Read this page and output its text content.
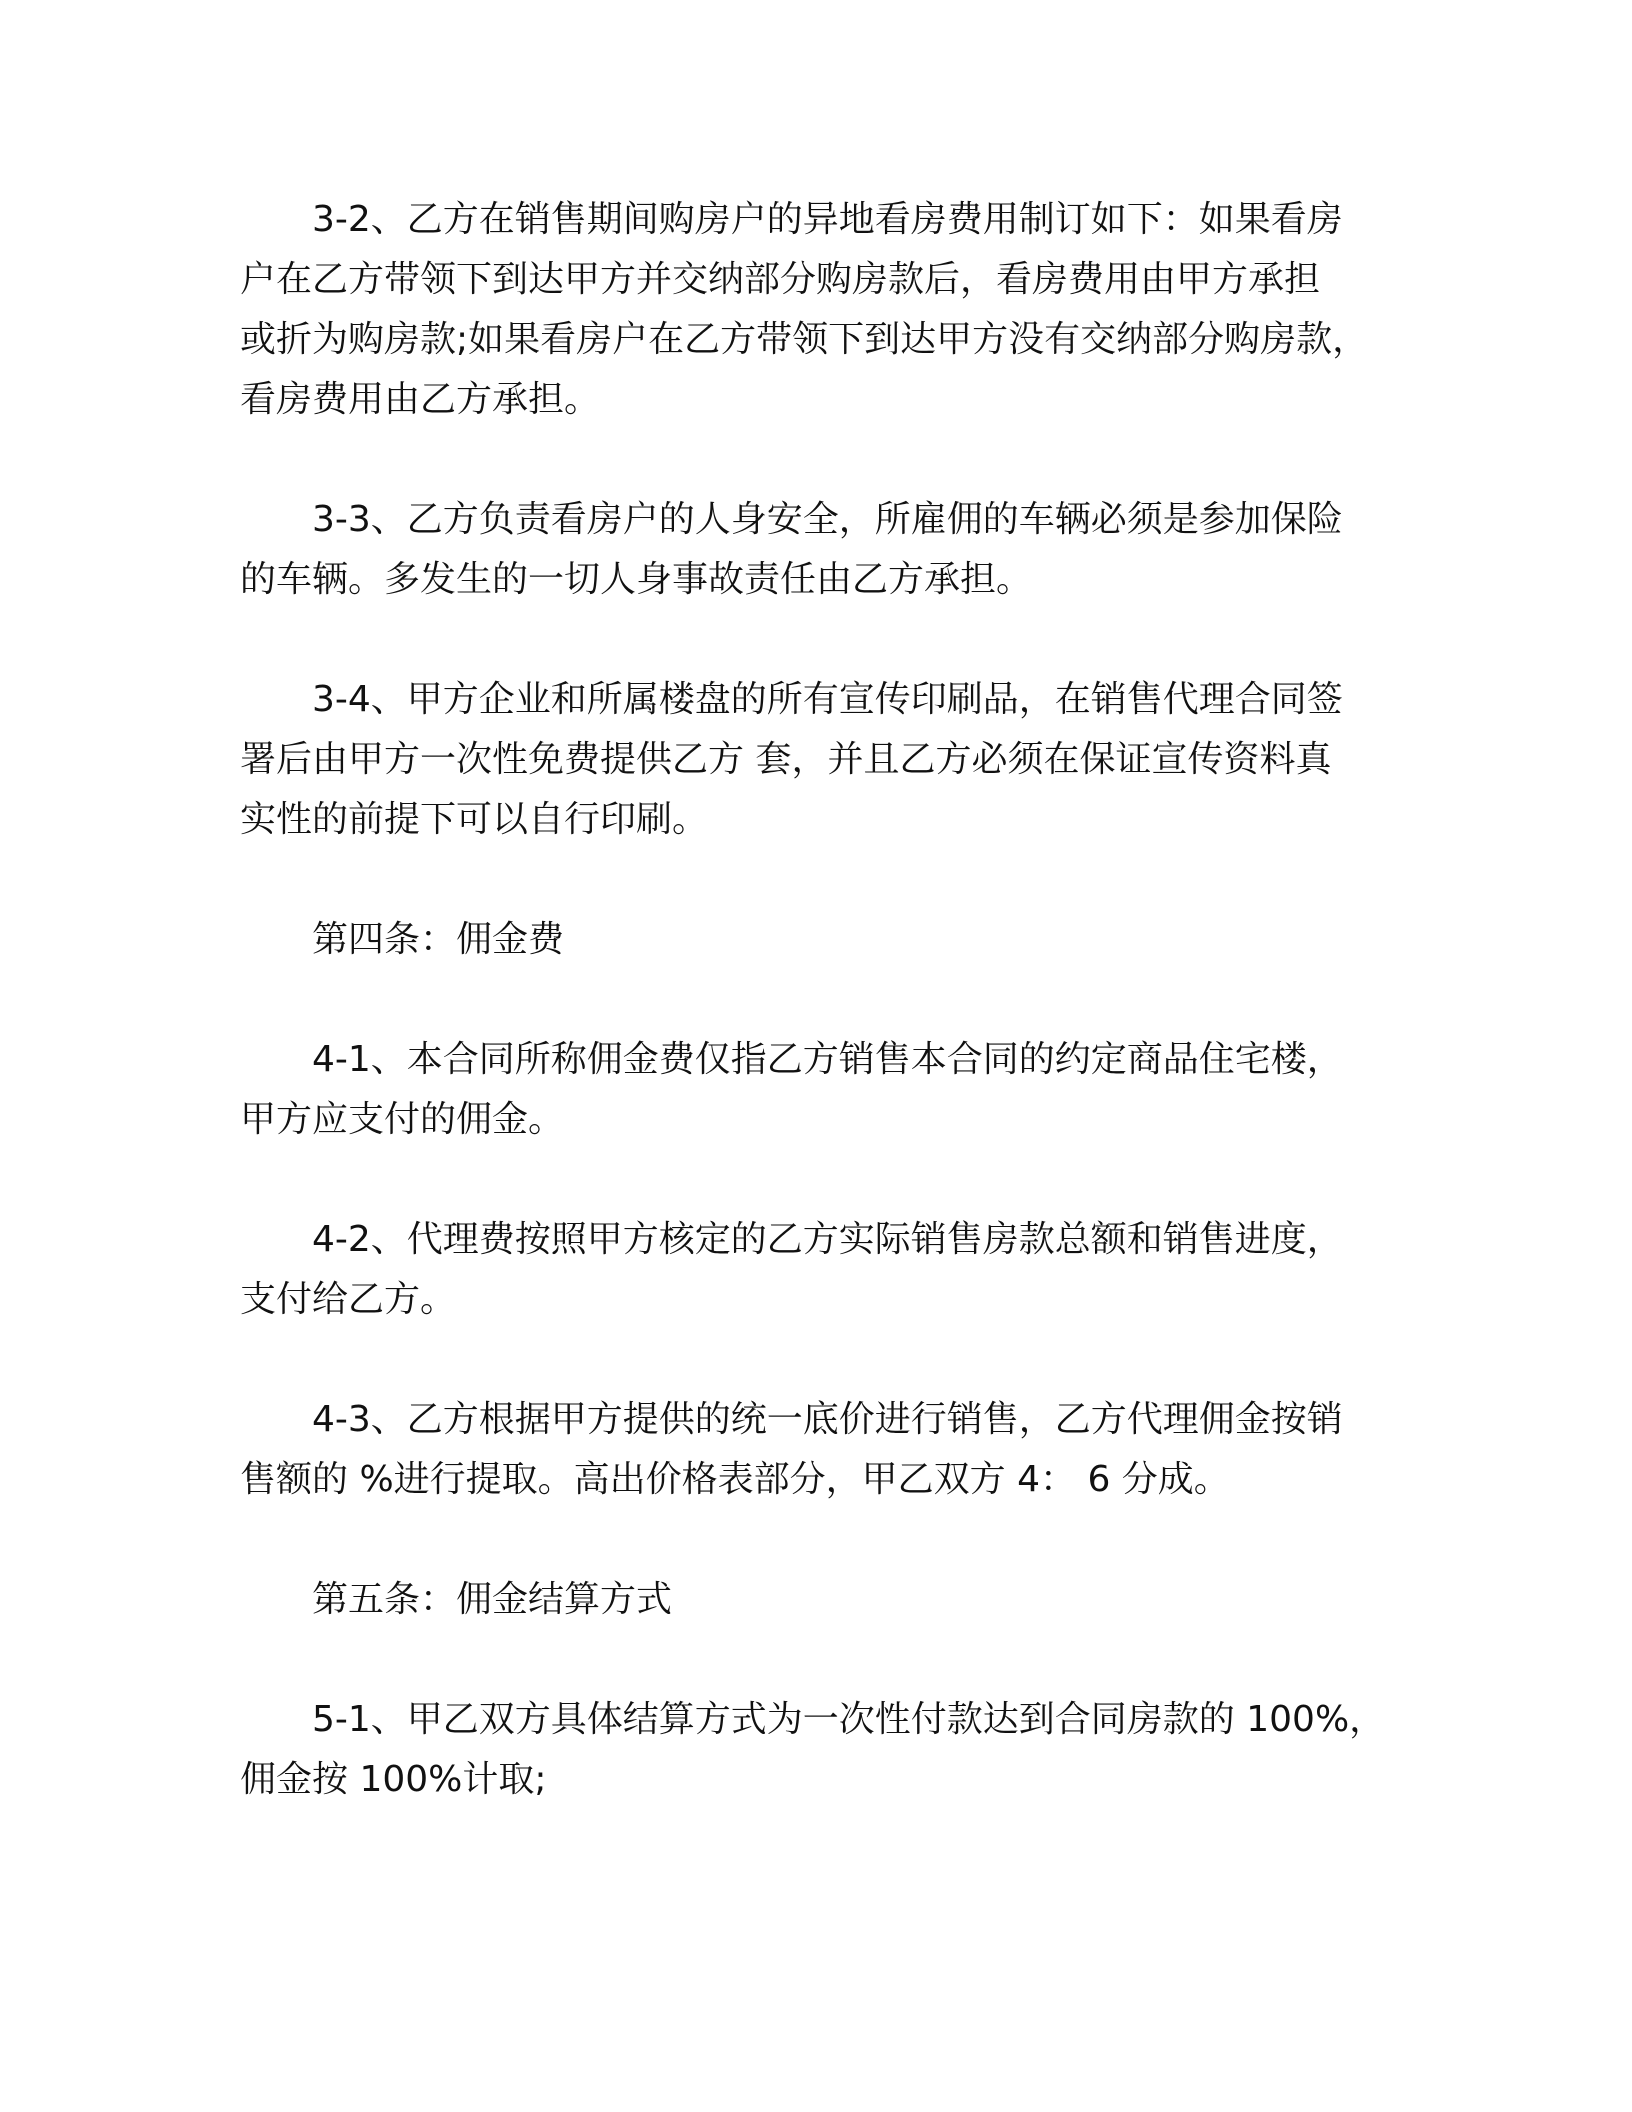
3-2、乙方在销售期间购房户的异地看房费用制订如下：如果看房
户在乙方带领下到达甲方并交纳部分购房款后，看房费用由甲方承担
或折为购房款;如果看房户在乙方带领下到达甲方没有交纳部分购房款，
看房费用由乙方承担。
3-3、乙方负责看房户的人身安全，所雇佣的车辆必须是参加保险
的车辆。多发生的一切人身事故责任由乙方承担。
3-4、甲方企业和所属楼盘的所有宣传印刷品，在销售代理合同签
署后由甲方一次性免费提供乙方 套，并且乙方必须在保证宣传资料真
实性的前提下可以自行印刷。
第四条：佣金费
4-1、本合同所称佣金费仅指乙方销售本合同的约定商品住宅楼，
甲方应支付的佣金。
4-2、代理费按照甲方核定的乙方实际销售房款总额和销售进度，
支付给乙方。
4-3、乙方根据甲方提供的统一底价进行销售，乙方代理佣金按销
售额的 %进行提取。高出价格表部分，甲乙双方 4： 6 分成。
第五条：佣金结算方式
5-1、甲乙双方具体结算方式为一次性付款达到合同房款的 100%，
佣金按 100%计取;
